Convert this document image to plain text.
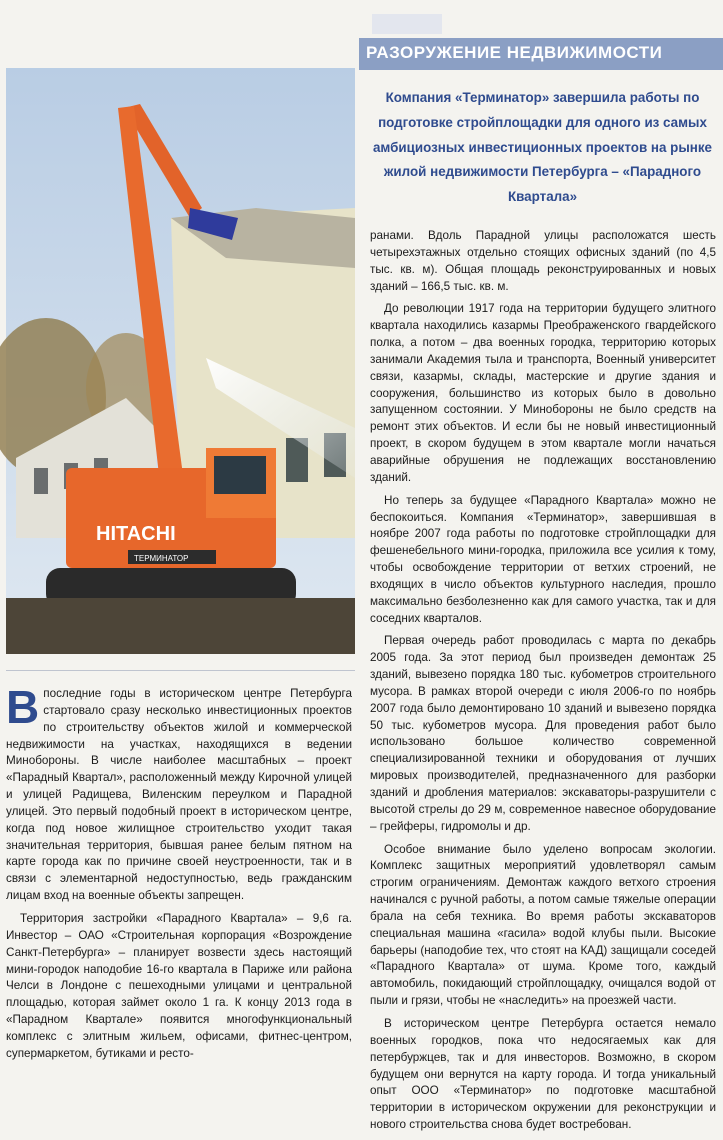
РАЗОРУЖЕНИЕ НЕДВИЖИМОСТИ
HITACHI
ТЕРМИНАТОР
Компания «Терминатор» завершила работы по подготовке стройплощадки для одного из самых амбициозных инвестиционных проектов на рынке жилой недвижимости Петербурга – «Парадного Квартала»

ранами. Вдоль Парадной улицы расположатся шесть четырехэтажных отдельно стоящих офисных зданий (по 4,5 тыс. кв. м). Общая площадь реконструированных и новых зданий – 166,5 тыс. кв. м.

До революции 1917 года на территории будущего элитного квартала находились казармы Преображенского гвардейского полка, а потом – два военных городка, территорию которых занимали Академия тыла и транспорта, Военный университет связи, казармы, склады, мастерские и другие здания и сооружения, большинство из которых было в довольно запущенном состоянии. У Минобороны не было средств на ремонт этих объектов. И если бы не новый инвестиционный проект, в скором будущем в этом квартале могли начаться аварийные обрушения не подлежащих восстановлению зданий.

Но теперь за будущее «Парадного Квартала» можно не беспокоиться. Компания «Терминатор», завершившая в ноябре 2007 года работы по подготовке стройплощадки для фешенебельного мини-городка, приложила все усилия к тому, чтобы освобождение территории от ветхих строений, не входящих в число объектов культурного наследия, прошло максимально безболезненно как для самого участка, так и для соседних кварталов.

Первая очередь работ проводилась с марта по декабрь 2005 года. За этот период был произведен демонтаж 25 зданий, вывезено порядка 180 тыс. кубометров строительного мусора. В рамках второй очереди с июля 2006-го по ноябрь 2007 года было демонтировано 10 зданий и вывезено порядка 50 тыс. кубометров мусора. Для проведения работ было использовано большое количество современной специализированной техники и оборудования от лучших мировых производителей, предназначенного для разборки зданий и дробления материалов: экскаваторы-разрушители с высотой стрелы до 29 м, современное навесное оборудование – грейферы, гидромолы и др.

Особое внимание было уделено вопросам экологии. Комплекс защитных мероприятий удовлетворял самым строгим ограничениям. Демонтаж каждого ветхого строения начинался с ручной работы, а потом самые тяжелые операции брала на себя техника. Во время работы экскаваторов специальная машина «гасила» водой клубы пыли. Высокие барьеры (наподобие тех, что стоят на КАД) защищали соседей «Парадного Квартала» от шума. Кроме того, каждый автомобиль, покидающий стройплощадку, очищался водой от пыли и грязи, чтобы не «наследить» на проезжей части.

В историческом центре Петербурга остается немало военных городков, пока что недосягаемых как для петербуржцев, так и для инвесторов. Возможно, в скором будущем они вернутся на карту города. И тогда уникальный опыт ООО «Терминатор» по подготовке масштабной территории в историческом окружении для реконструкции и нового строительства снова будет востребован.

Впоследние годы в историческом центре Петербурга стартовало сразу несколько инвестиционных проектов по строительству объектов жилой и коммерческой недвижимости на участках, находящихся в ведении Минобороны. В числе наиболее масштабных – проект «Парадный Квартал», расположенный между Кирочной улицей и улицей Радищева, Виленским переулком и Парадной улицей. Это первый подобный проект в историческом центре, когда под новое жилищное строительство уходит такая значительная территория, бывшая ранее белым пятном на карте города как по причине своей неустроенности, так и в связи с элементарной недоступностью, ведь гражданским лицам вход на военные объекты запрещен.

Территория застройки «Парадного Квартала» – 9,6 га. Инвестор – ОАО «Строительная корпорация «Возрождение Санкт-Петербурга» – планирует возвести здесь настоящий мини-городок наподобие 16-го квартала в Париже или района Челси в Лондоне с пешеходными улицами и центральной площадью, которая займет около 1 га. К концу 2013 года в «Парадном Квартале» появится многофункциональный комплекс с элитным жильем, офисами, фитнес-центром, супермаркетом, бутиками и ресто-
